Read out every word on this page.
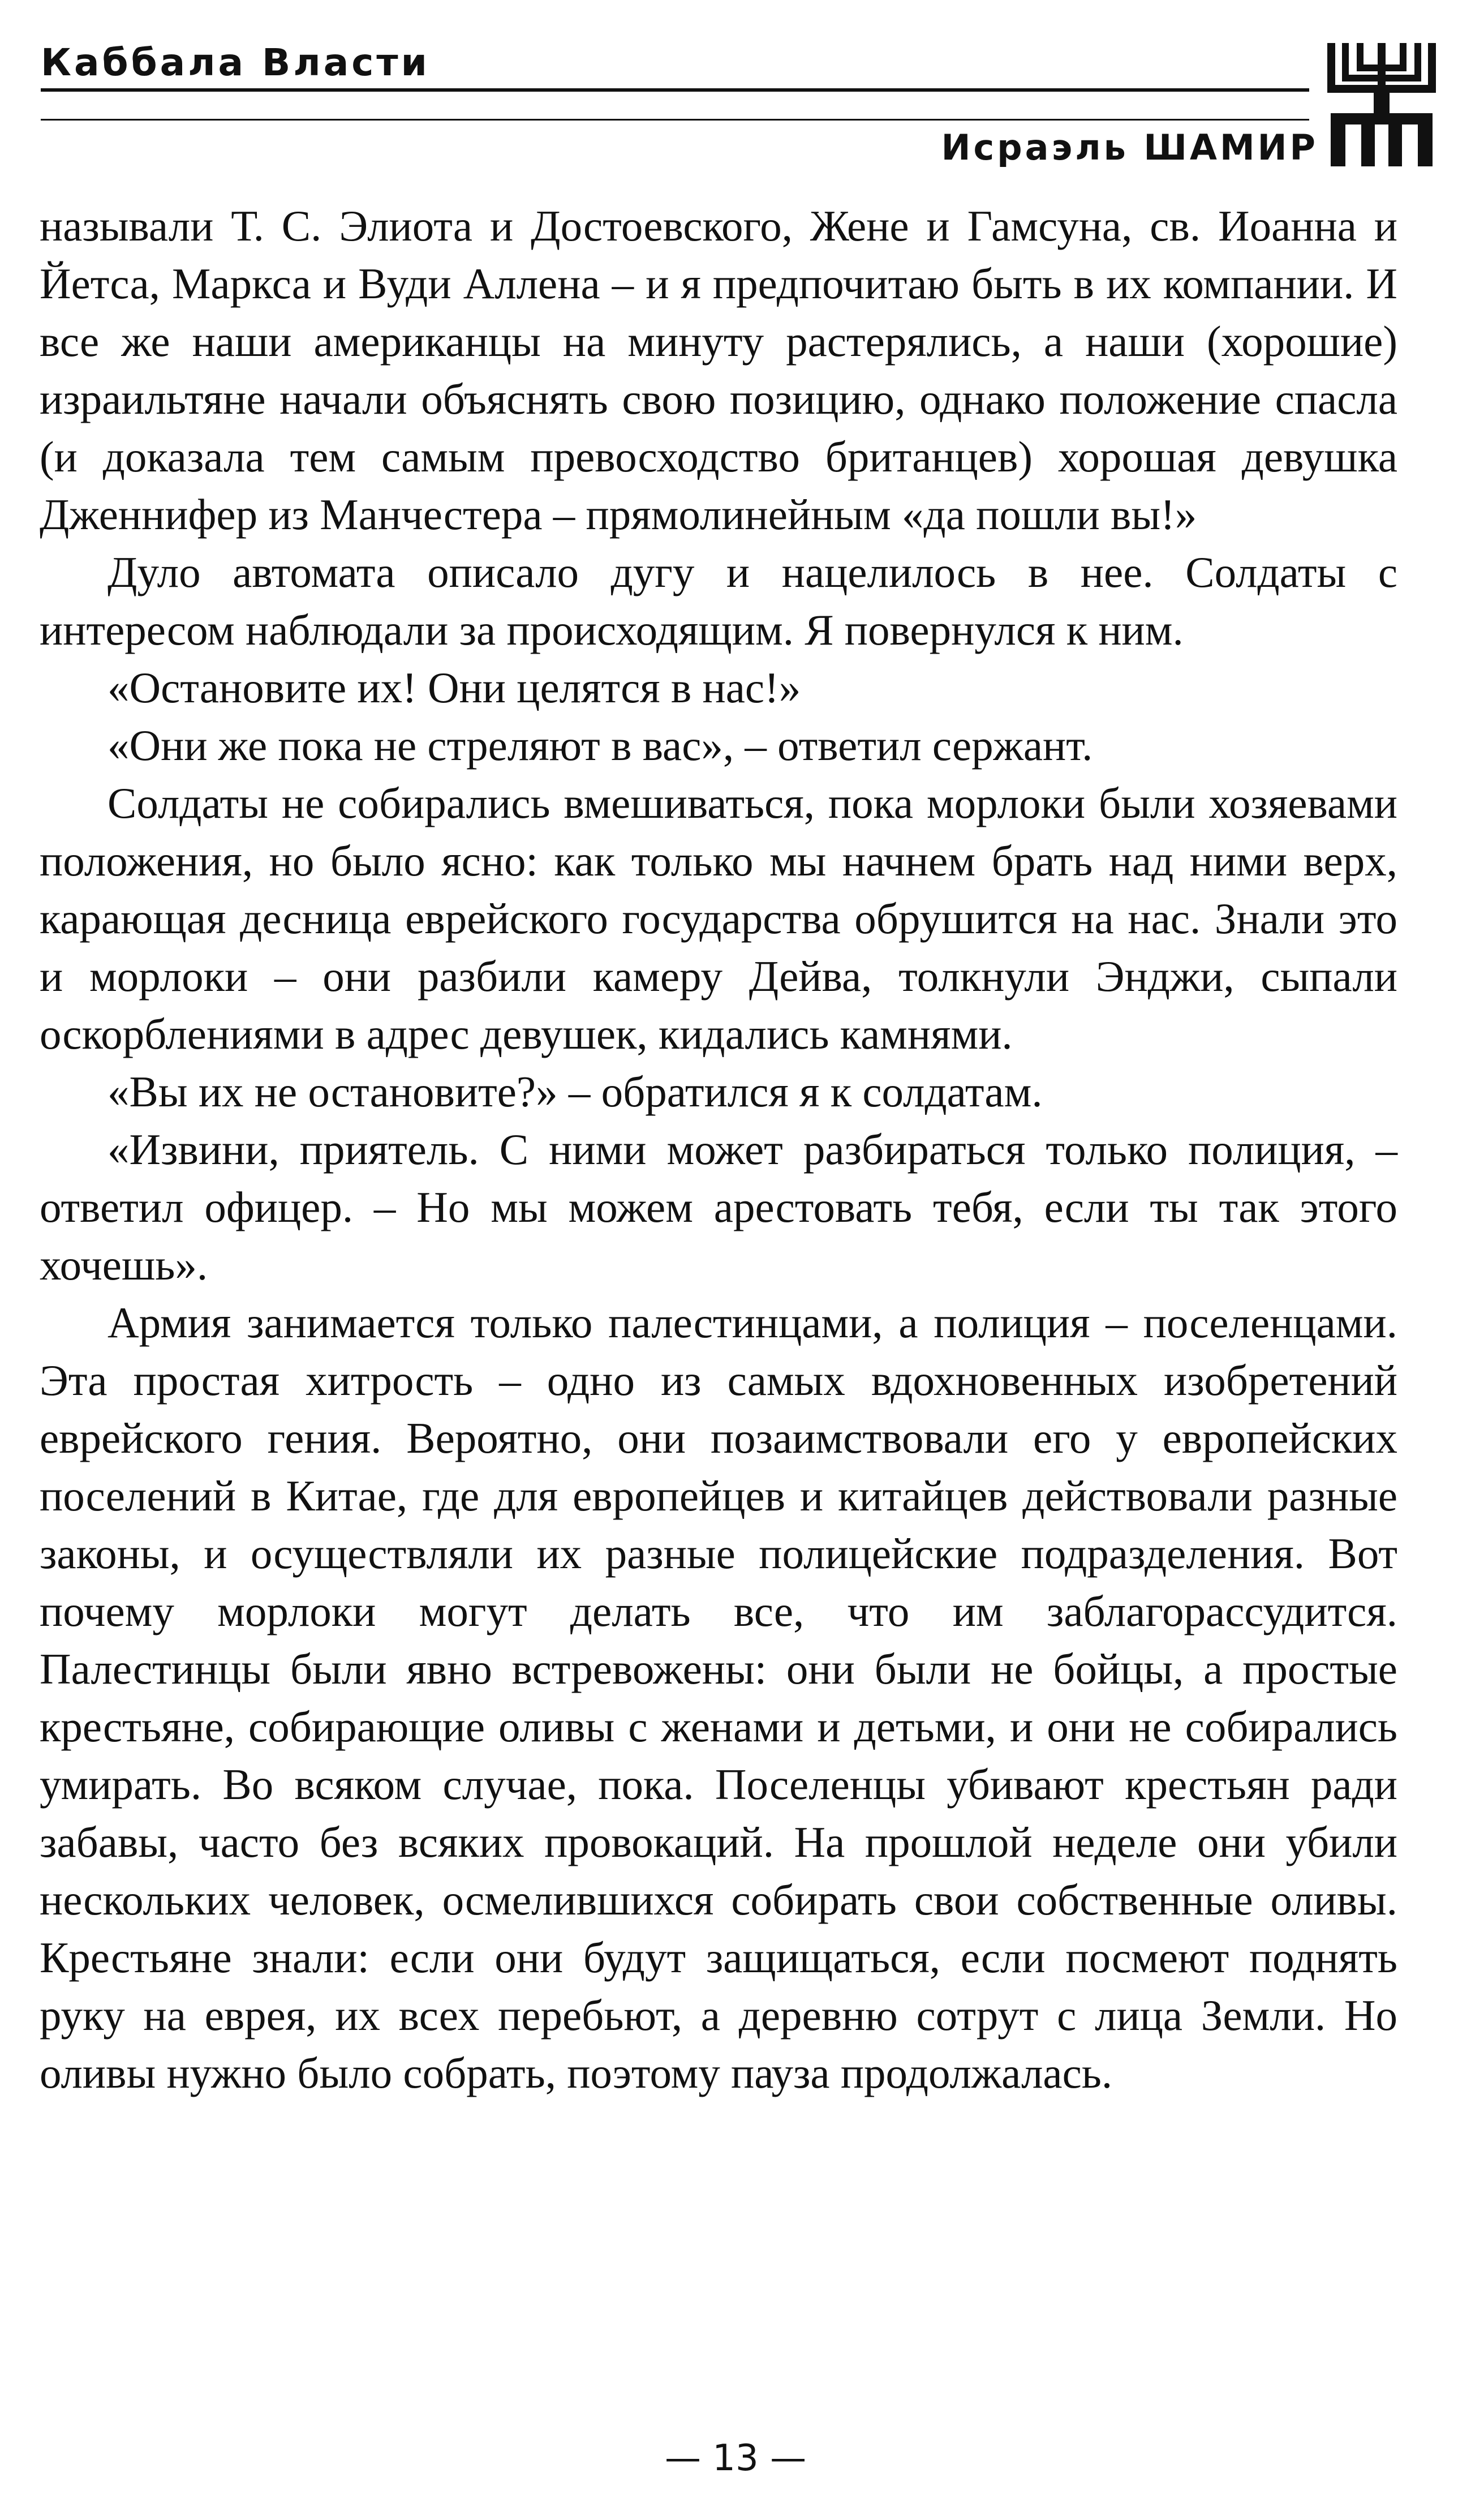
Каббала Власти
Исраэль ШАМИР

называли Т. С. Элиота и Достоевского, Жене и Гамсуна, св. Иоанна и Йетса, Маркса и Вуди Аллена – и я предпочитаю быть в их компании. И все же наши американцы на минуту растерялись, а наши (хорошие) израильтяне начали объяснять свою позицию, однако положение спасла (и доказала тем самым превосходство британцев) хорошая девушка Дженнифер из Манчестера – прямолинейным «да пошли вы!»

Дуло автомата описало дугу и нацелилось в нее. Солдаты с интересом наблюдали за происходящим. Я повернулся к ним.

«Остановите их! Они целятся в нас!»

«Они же пока не стреляют в вас», – ответил сержант.

Солдаты не собирались вмешиваться, пока морлоки были хозяевами положения, но было ясно: как только мы начнем брать над ними верх, карающая десница еврейского государства обрушится на нас. Знали это и морлоки – они разбили камеру Дейва, толкнули Энджи, сыпали оскорблениями в адрес девушек, кидались камнями.

«Вы их не остановите?» – обратился я к солдатам.

«Извини, приятель. С ними может разбираться только полиция, – ответил офицер. – Но мы можем арестовать тебя, если ты так этого хочешь».

Армия занимается только палестинцами, а полиция – поселенцами. Эта простая хитрость – одно из самых вдохновенных изобретений еврейского гения. Вероятно, они позаимствовали его у европейских поселений в Китае, где для европейцев и китайцев действовали разные законы, и осуществляли их разные полицейские подразделения. Вот почему морлоки могут делать все, что им заблагорассудится. Палестинцы были явно встревожены: они были не бойцы, а простые крестьяне, собирающие оливы с женами и детьми, и они не собирались умирать. Во всяком случае, пока. Поселенцы убивают крестьян ради забавы, часто без всяких провокаций. На прошлой неделе они убили нескольких человек, осмелившихся собирать свои собственные оливы. Крестьяне знали: если они будут защищаться, если посмеют поднять руку на еврея, их всех перебьют, а деревню сотрут с лица Земли. Но оливы нужно было собрать, поэтому пауза продолжалась.

— 13 —
